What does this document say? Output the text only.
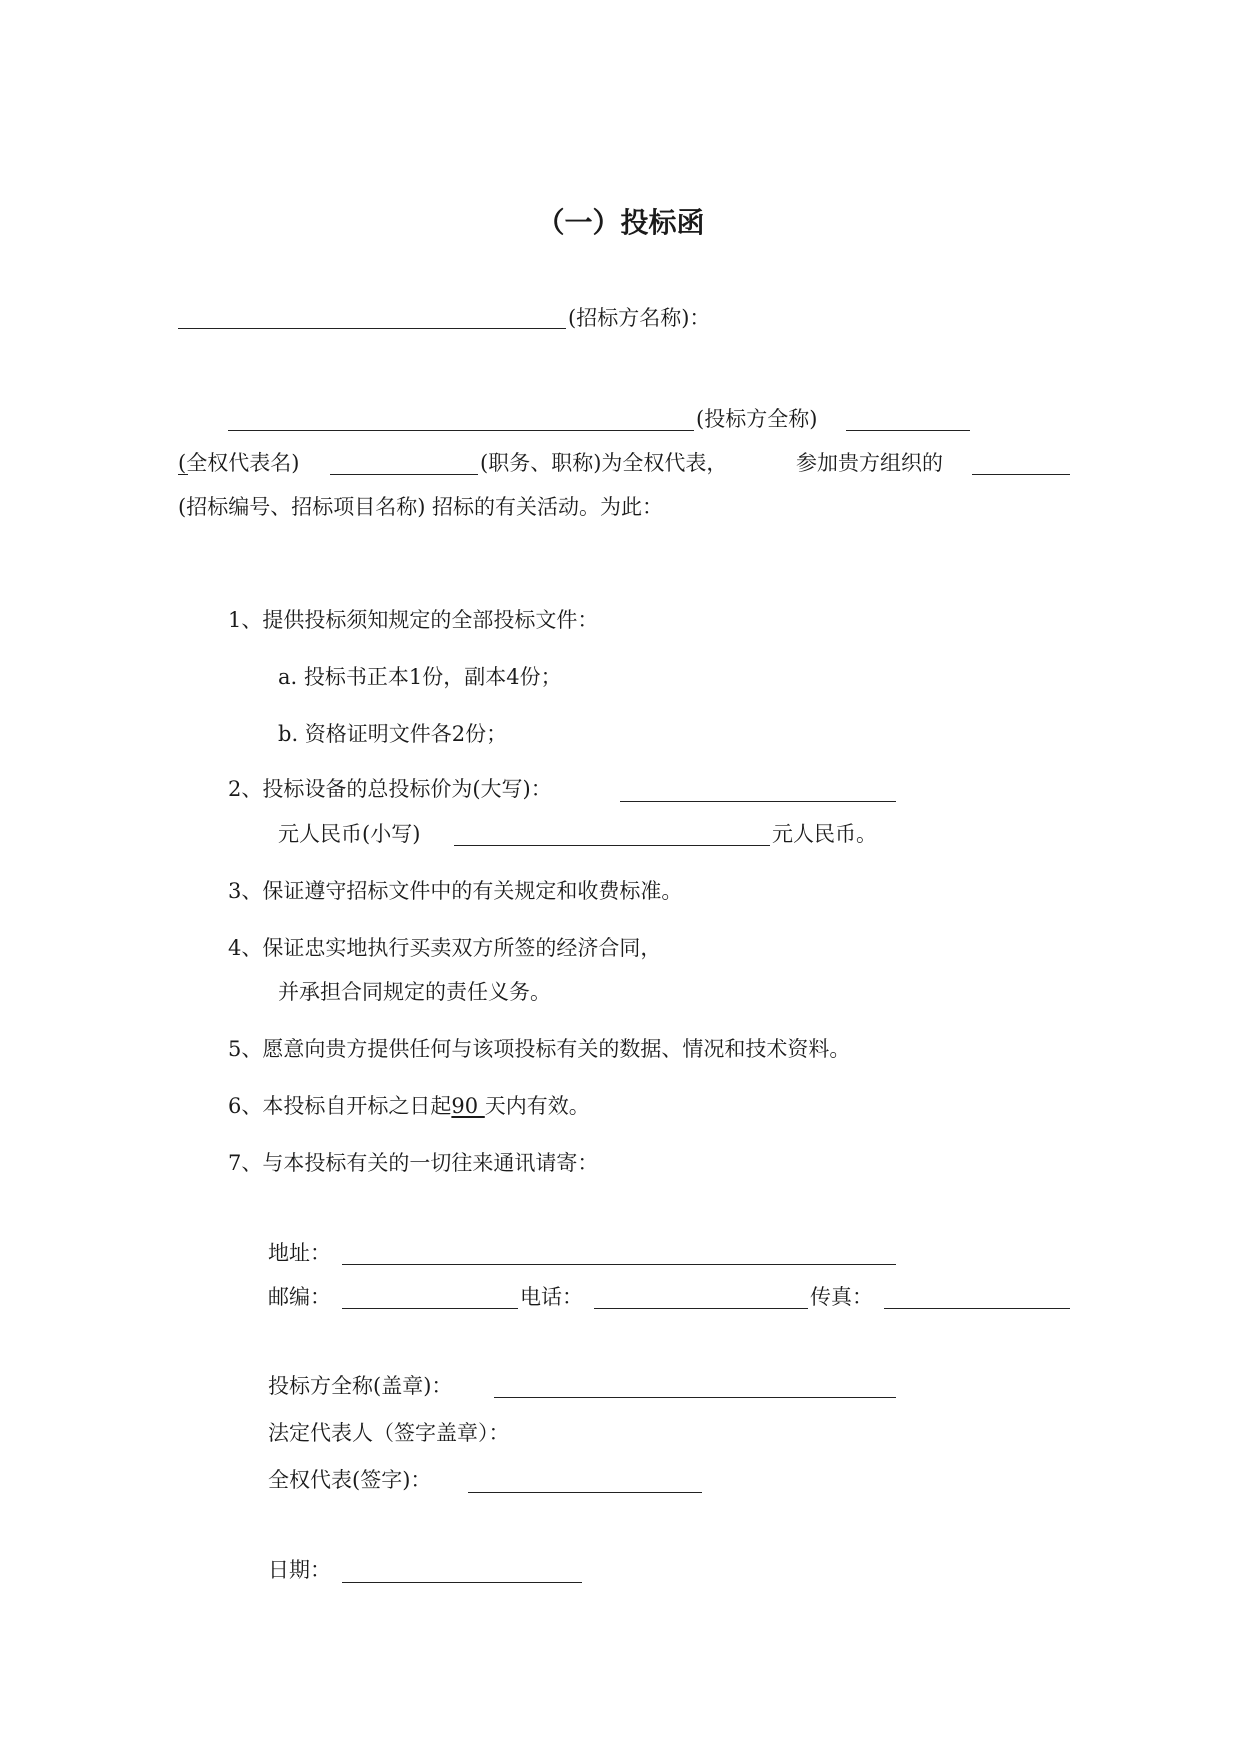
（一）投标函
(招标方名称)：
(投标方全称)
(全权代表名)	(职务、职称)为全权代表，	参加贵方组织的
(招标编号、招标项目名称) 招标的有关活动。为此：
1、提供投标须知规定的全部投标文件：
a. 投标书正本1份，副本4份；
b. 资格证明文件各2份；
2、投标设备的总投标价为(大写)：
元人民币(小写)	元人民币。
3、保证遵守招标文件中的有关规定和收费标准。
4、保证忠实地执行买卖双方所签的经济合同，
并承担合同规定的责任义务。
5、愿意向贵方提供任何与该项投标有关的数据、情况和技术资料。
6、本投标自开标之日起90 天内有效。
7、与本投标有关的一切往来通讯请寄：
地址：
邮编：	电话：	传真：
投标方全称(盖章)：
法定代表人（签字盖章）：
全权代表(签字)：
日期：
